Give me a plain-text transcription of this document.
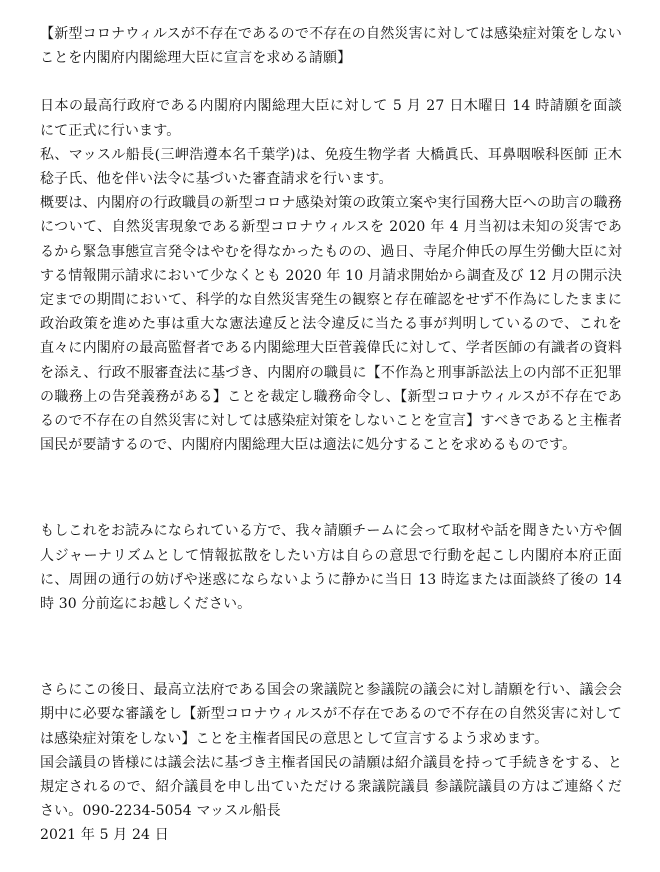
【新型コロナウィルスが不存在であるので不存在の自然災害に対しては感染症対策をしないことを内閣府内閣総理大臣に宣言を求める請願】

日本の最高行政府である内閣府内閣総理大臣に対して 5 月 27 日木曜日 14 時請願を面談にて正式に行います。

私、マッスル船長(三岬浩遵本名千葉学)は、免疫生物学者 大橋眞氏、耳鼻咽喉科医師 正木稔子氏、他を伴い法令に基づいた審査請求を行います。

概要は、内閣府の行政職員の新型コロナ感染対策の政策立案や実行国務大臣への助言の職務について、自然災害現象である新型コロナウィルスを 2020 年 4 月当初は未知の災害であるから緊急事態宣言発令はやむを得なかったものの、過日、寺尾介伸氏の厚生労働大臣に対する情報開示請求において少なくとも 2020 年 10 月請求開始から調査及び 12 月の開示決定までの期間において、科学的な自然災害発生の観察と存在確認をせず不作為にしたままに政治政策を進めた事は重大な憲法違反と法令違反に当たる事が判明しているので、これを直々に内閣府の最高監督者である内閣総理大臣菅義偉氏に対して、学者医師の有識者の資料を添え、行政不服審査法に基づき、内閣府の職員に【不作為と刑事訴訟法上の内部不正犯罪の職務上の告発義務がある】ことを裁定し職務命令し、【新型コロナウィルスが不存在であるので不存在の自然災害に対しては感染症対策をしないことを宣言】すべきであると主権者国民が要請するので、内閣府内閣総理大臣は適法に処分することを求めるものです。

もしこれをお読みになられている方で、我々請願チームに会って取材や話を聞きたい方や個人ジャーナリズムとして情報拡散をしたい方は自らの意思で行動を起こし内閣府本府正面に、周囲の通行の妨げや迷惑にならないように静かに当日 13 時迄または面談終了後の 14 時 30 分前迄にお越しください。

さらにこの後日、最高立法府である国会の衆議院と参議院の議会に対し請願を行い、議会会期中に必要な審議をし【新型コロナウィルスが不存在であるので不存在の自然災害に対しては感染症対策をしない】ことを主権者国民の意思として宣言するよう求めます。

国会議員の皆様には議会法に基づき主権者国民の請願は紹介議員を持って手続きをする、と規定されるので、紹介議員を申し出ていただける衆議院議員 参議院議員の方はご連絡ください。090-2234-5054 マッスル船長

2021 年 5 月 24 日
